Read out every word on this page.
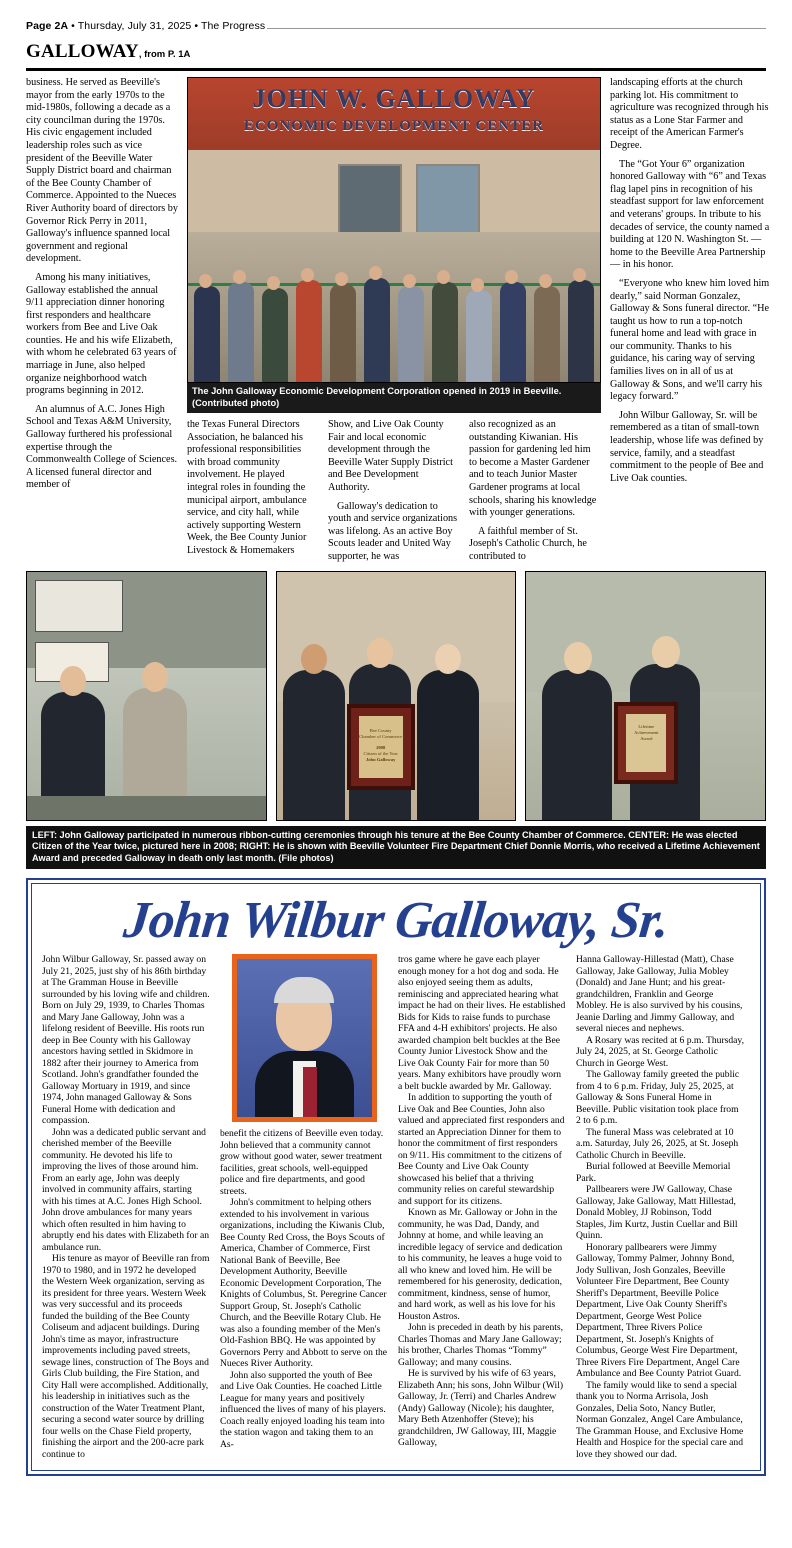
Page 2A • Thursday, July 31, 2025 • The Progress
GALLOWAY, from P. 1A

business. He served as Beeville's mayor from the early 1970s to the mid-1980s, following a decade as a city councilman during the 1970s. His civic engagement included leadership roles such as vice president of the Beeville Water Supply District board and chairman of the Bee County Chamber of Commerce. Appointed to the Nueces River Authority board of directors by Governor Rick Perry in 2011, Galloway's influence spanned local government and regional development.

Among his many initiatives, Galloway established the annual 9/11 appreciation dinner honoring first responders and healthcare workers from Bee and Live Oak counties. He and his wife Elizabeth, with whom he celebrated 63 years of marriage in June, also helped organize neighborhood watch programs beginning in 2012.

An alumnus of A.C. Jones High School and Texas A&M University, Galloway furthered his professional expertise through the Commonwealth College of Sciences. A licensed funeral director and member of

JOHN W. GALLOWAY
ECONOMIC DEVELOPMENT CENTER
The John Galloway Economic Development Corporation opened in 2019 in Beeville. (Contributed photo)

the Texas Funeral Directors Association, he balanced his professional responsibilities with broad community involvement. He played integral roles in founding the municipal airport, ambulance service, and city hall, while actively supporting Western Week, the Bee County Junior Livestock & Homemakers

Show, and Live Oak County Fair and local economic development through the Beeville Water Supply District and Bee Development Authority.

Galloway's dedication to youth and service organizations was lifelong. As an active Boy Scouts leader and United Way supporter, he was

also recognized as an outstanding Kiwanian. His passion for gardening led him to become a Master Gardener and to teach Junior Master Gardener programs at local schools, sharing his knowledge with younger generations.

A faithful member of St. Joseph's Catholic Church, he contributed to

landscaping efforts at the church parking lot. His commitment to agriculture was recognized through his status as a Lone Star Farmer and receipt of the American Farmer's Degree.

The “Got Your 6” organization honored Galloway with “6” and Texas flag lapel pins in recognition of his steadfast support for law enforcement and veterans' groups. In tribute to his decades of service, the county named a building at 120 N. Washington St. — home to the Beeville Area Partnership — in his honor.

“Everyone who knew him loved him dearly,” said Norman Gonzalez, Galloway & Sons funeral director. “He taught us how to run a top-notch funeral home and lead with grace in our community. Thanks to his guidance, his caring way of serving families lives on in all of us at Galloway & Sons, and we'll carry his legacy forward.”

John Wilbur Galloway, Sr. will be remembered as a titan of small-town leadership, whose life was defined by service, family, and a steadfast commitment to the people of Bee and Live Oak counties.

Bee County
Chamber of Commerce
2008
Citizen of the Year
John Galloway
Lifetime
Achievement
Award
LEFT: John Galloway participated in numerous ribbon-cutting ceremonies through his tenure at the Bee County Chamber of Commerce. CENTER: He was elected Citizen of the Year twice, pictured here in 2008; RIGHT: He is shown with Beeville Volunteer Fire Department Chief Donnie Morris, who received a Lifetime Achievement Award and preceded Galloway in death only last month. (File photos)
John Wilbur Galloway, Sr.

John Wilbur Galloway, Sr. passed away on July 21, 2025, just shy of his 86th birthday at The Gramman House in Beeville surrounded by his loving wife and children. Born on July 29, 1939, to Charles Thomas and Mary Jane Galloway, John was a lifelong resident of Beeville. His roots run deep in Bee County with his Galloway ancestors having settled in Skidmore in 1882 after their journey to America from Scotland. John's grandfather founded the Galloway Mortuary in 1919, and since 1974, John managed Galloway & Sons Funeral Home with dedication and compassion.

John was a dedicated public servant and cherished member of the Beeville community. He devoted his life to improving the lives of those around him. From an early age, John was deeply involved in community affairs, starting with his times at A.C. Jones High School. John drove ambulances for many years which often resulted in him having to abruptly end his dates with Elizabeth for an ambulance run.

His tenure as mayor of Beeville ran from 1970 to 1980, and in 1972 he developed the Western Week organization, serving as its president for three years. Western Week was very successful and its proceeds funded the building of the Bee County Coliseum and adjacent buildings. During John's time as mayor, infrastructure improvements including paved streets, sewage lines, construction of The Boys and Girls Club building, the Fire Station, and City Hall were accomplished. Additionally, his leadership in initiatives such as the construction of the Water Treatment Plant, securing a second water source by drilling four wells on the Chase Field property, finishing the airport and the 200-acre park continue to

benefit the citizens of Beeville even today. John believed that a community cannot grow without good water, sewer treatment facilities, great schools, well-equipped police and fire departments, and good streets.

John's commitment to helping others extended to his involvement in various organizations, including the Kiwanis Club, Bee County Red Cross, the Boys Scouts of America, Chamber of Commerce, First National Bank of Beeville, Bee Development Authority, Beeville Economic Development Corporation, The Knights of Columbus, St. Peregrine Cancer Support Group, St. Joseph's Catholic Church, and the Beeville Rotary Club. He was also a founding member of the Men's Old-Fashion BBQ. He was appointed by Governors Perry and Abbott to serve on the Nueces River Authority.

John also supported the youth of Bee and Live Oak Counties. He coached Little League for many years and positively influenced the lives of many of his players. Coach really enjoyed loading his team into the station wagon and taking them to an As-

tros game where he gave each player enough money for a hot dog and soda. He also enjoyed seeing them as adults, reminiscing and appreciated hearing what impact he had on their lives. He established Bids for Kids to raise funds to purchase FFA and 4-H exhibitors' projects. He also awarded champion belt buckles at the Bee County Junior Livestock Show and the Live Oak County Fair for more than 50 years. Many exhibitors have proudly worn a belt buckle awarded by Mr. Galloway.

In addition to supporting the youth of Live Oak and Bee Counties, John also valued and appreciated first responders and started an Appreciation Dinner for them to honor the commitment of first responders on 9/11. His commitment to the citizens of Bee County and Live Oak County showcased his belief that a thriving community relies on careful stewardship and support for its citizens.

Known as Mr. Galloway or John in the community, he was Dad, Dandy, and Johnny at home, and while leaving an incredible legacy of service and dedication to his community, he leaves a huge void to all who knew and loved him. He will be remembered for his generosity, dedication, commitment, kindness, sense of humor, and hard work, as well as his love for his Houston Astros.

John is preceded in death by his parents, Charles Thomas and Mary Jane Galloway; his brother, Charles Thomas “Tommy” Galloway; and many cousins.

He is survived by his wife of 63 years, Elizabeth Ann; his sons, John Wilbur (Wil) Galloway, Jr. (Terri) and Charles Andrew (Andy) Galloway (Nicole); his daughter, Mary Beth Atzenhoffer (Steve); his grandchildren, JW Galloway, III, Maggie Galloway,

Hanna Galloway-Hillestad (Matt), Chase Galloway, Jake Galloway, Julia Mobley (Donald) and Jane Hunt; and his great-grandchildren, Franklin and George Mobley. He is also survived by his cousins, Jeanie Darling and Jimmy Galloway, and several nieces and nephews.

A Rosary was recited at 6 p.m. Thursday, July 24, 2025, at St. George Catholic Church in George West.

The Galloway family greeted the public from 4 to 6 p.m. Friday, July 25, 2025, at Galloway & Sons Funeral Home in Beeville. Public visitation took place from 2 to 6 p.m.

The funeral Mass was celebrated at 10 a.m. Saturday, July 26, 2025, at St. Joseph Catholic Church in Beeville.

Burial followed at Beeville Memorial Park.

Pallbearers were JW Galloway, Chase Galloway, Jake Galloway, Matt Hillestad, Donald Mobley, JJ Robinson, Todd Staples, Jim Kurtz, Justin Cuellar and Bill Quinn.

Honorary pallbearers were Jimmy Galloway, Tommy Palmer, Johnny Bond, Jody Sullivan, Josh Gonzales, Beeville Volunteer Fire Department, Bee County Sheriff's Department, Beeville Police Department, Live Oak County Sheriff's Department, George West Police Department, Three Rivers Police Department, St. Joseph's Knights of Columbus, George West Fire Department, Three Rivers Fire Department, Angel Care Ambulance and Bee County Patriot Guard.

The family would like to send a special thank you to Norma Arrisola, Josh Gonzales, Delia Soto, Nancy Butler, Norman Gonzalez, Angel Care Ambulance, The Gramman House, and Exclusive Home Health and Hospice for the special care and love they showed our dad.
